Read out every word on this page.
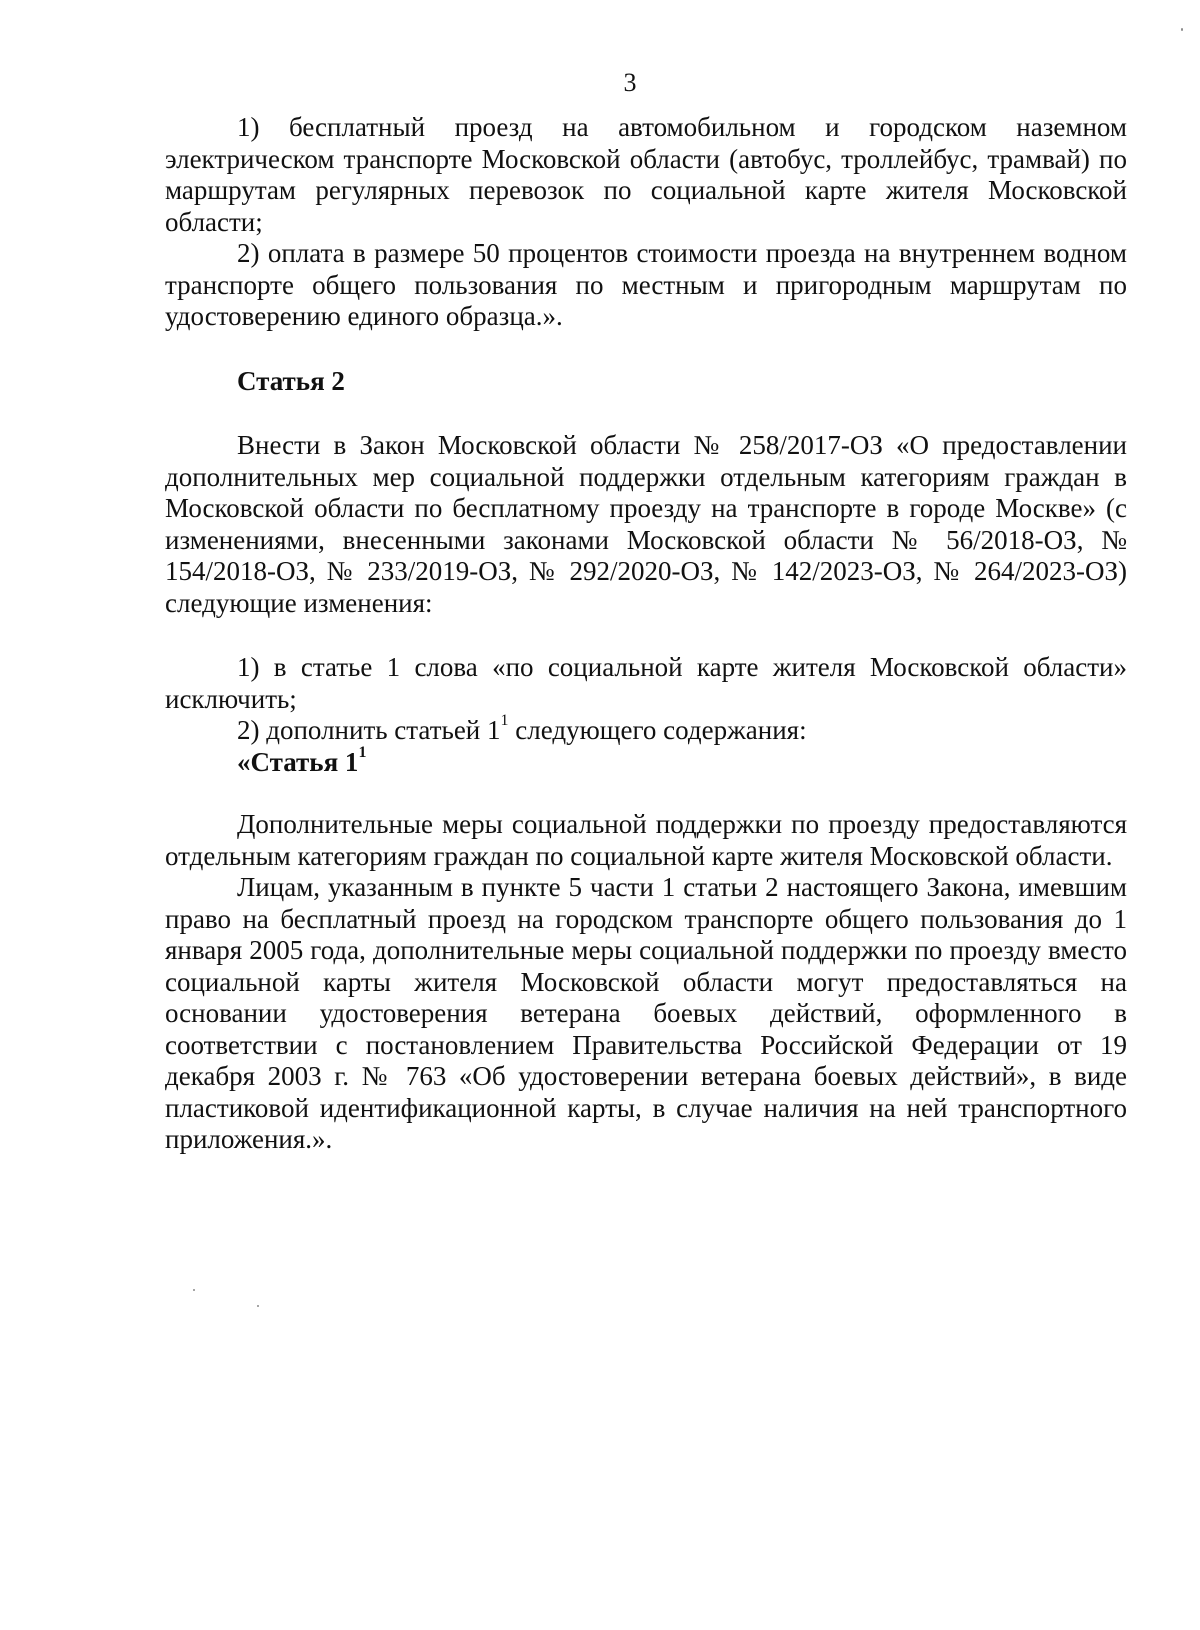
3

1) бесплатный проезд на автомобильном и городском наземном электрическом транспорте Московской области (автобус, троллейбус, трамвай) по маршрутам регулярных перевозок по социальной карте жителя Московской области;

2) оплата в размере 50 процентов стоимости проезда на внутреннем водном транспорте общего пользования по местным и пригородным маршрутам по удостоверению единого образца.».

Статья 2

Внести в Закон Московской области № 258/2017-ОЗ «О предоставлении дополнительных мер социальной поддержки отдельным категориям граждан в Московской области по бесплатному проезду на транспорте в городе Москве» (с изменениями, внесенными законами Московской области № 56/2018-ОЗ, № 154/2018-ОЗ, № 233/2019-ОЗ, № 292/2020-ОЗ, № 142/2023-ОЗ, № 264/2023-ОЗ) следующие изменения:

1) в статье 1 слова «по социальной карте жителя Московской области» исключить;

2) дополнить статьей $1^1$ следующего содержания:

«Статья $1^1$

Дополнительные меры социальной поддержки по проезду предоставляются отдельным категориям граждан по социальной карте жителя Московской области.

Лицам, указанным в пункте 5 части 1 статьи 2 настоящего Закона, имевшим право на бесплатный проезд на городском транспорте общего пользования до 1 января 2005 года, дополнительные меры социальной поддержки по проезду вместо социальной карты жителя Московской области могут предоставляться на основании удостоверения ветерана боевых действий, оформленного в соответствии с постановлением Правительства Российской Федерации от 19 декабря 2003 г. № 763 «Об удостоверении ветерана боевых действий», в виде пластиковой идентификационной карты, в случае наличия на ней транспортного приложения.».
